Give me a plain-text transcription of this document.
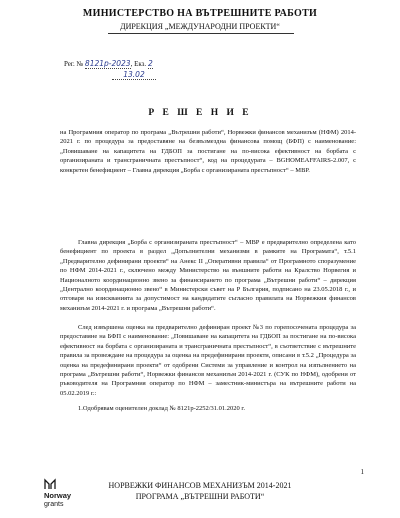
МИНИСТЕРСТВО НА ВЪТРЕШНИТЕ РАБОТИ
ДИРЕКЦИЯ „МЕЖДУНАРОДНИ ПРОЕКТИ“
Рег. № 8121р-2023, Екз. 2
13.02
Р Е Ш Е Н И Е

на Програмния оператор по програма „Вътрешни работи“, Норвежки финансов механизъм (НФМ) 2014-2021 г. по процедура за предоставяне на безвъзмездна финансова помощ (БФП) с наименование: „Повишаване на капацитета на ГДБОП за постигане на по-висока ефективност на борбата с организираната и трансграничната престъпност“, код на процедурата – BGHOMEAFFAIRS-2.007, с конкретен бенефициент – Главна дирекция „Борба с организираната престъпност“ – МВР.

Главна дирекция „Борба с организираната престъпност“ – МВР е предварително определена като бенефициент по проекта в раздел „Допълнителни механизми в рамките на Програмата“, т.5.1 „Предварително дефинирани проекти“ на Анекс II „Оперативни правила“ от Програмното споразумение по НФМ 2014-2021 г., сключено между Министерство на външните работи на Кралство Норвегия и Националното координационно звено за финансирането по програма „Вътрешни работи“ – дирекция „Централно координационно звено“ в Министерски съвет на Р България, подписано на 23.05.2018 г., и отговаря на изискванията за допустимост на кандидатите съгласно правилата на Норвежкия финансов механизъм 2014-2021 г. и програма „Вътрешни работи“.

След извършена оценка на предварително дефиниран проект №3 по горепосочената процедура за предоставяне на БФП с наименование: „Повишаване на капацитета на ГДБОП за постигане на по-висока ефективност на борбата с организираната и трансграничната престъпност“, в съответствие с вътрешните правила за провеждане на процедура за оценка на предефинирани проекти, описани в т.5.2 „Процедура за оценка на предефинирани проекти“ от одобрени Системи за управление и контрол на изпълнението на програма „Вътрешни работи“, Норвежки финансов механизъм 2014-2021 г. (СУК по НФМ), одобрени от ръководителя на Програмния оператор по НФМ – заместник-министъра на вътрешните работи на 05.02.2019 г.:

1.Одобрявам оценителен доклад № 8121р-2252/31.01.2020 г.

1
Norway
grants
НОРВЕЖКИ ФИНАНСОВ МЕХАНИЗЪМ 2014-2021
ПРОГРАМА „ВЪТРЕШНИ РАБОТИ“
